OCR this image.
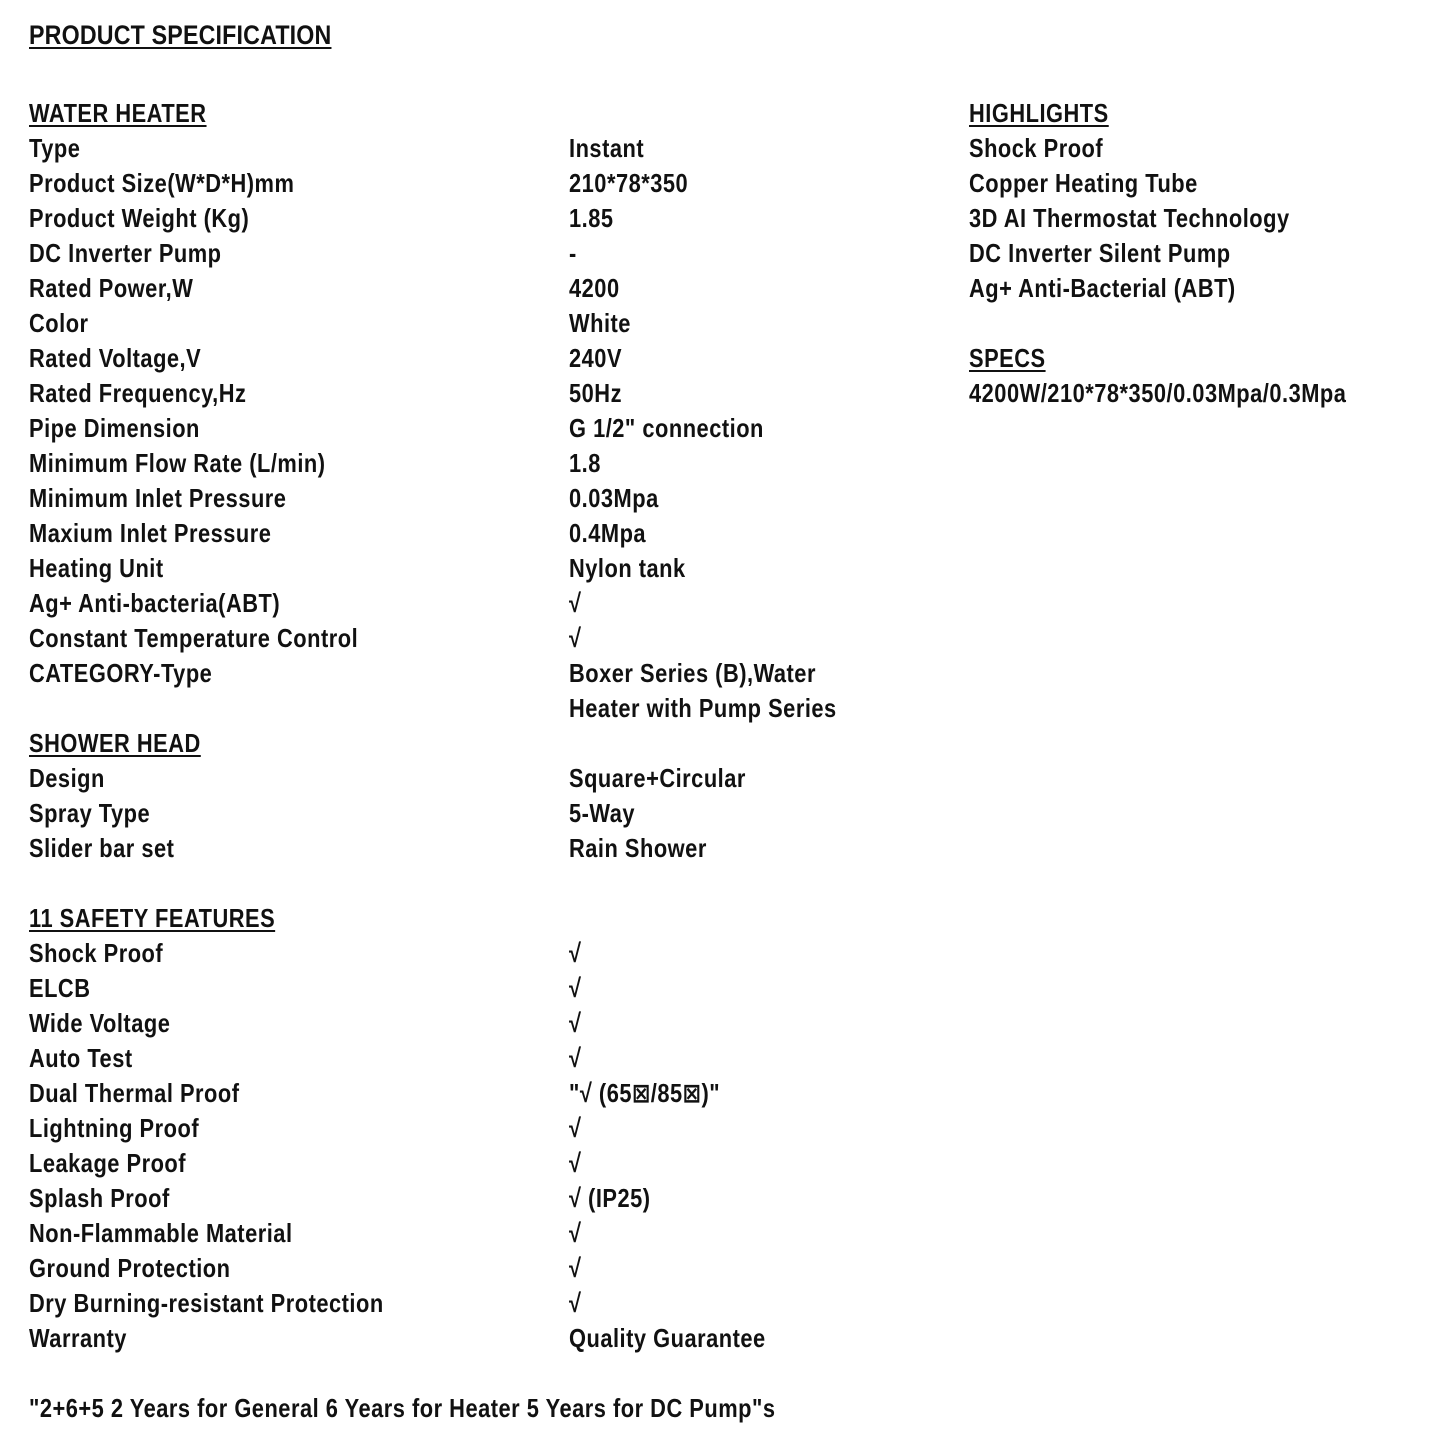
PRODUCT SPECIFICATION
WATER HEATER
Type	Instant
Product Size(W*D*H)mm	210*78*350
Product Weight (Kg)	1.85
DC Inverter Pump	-
Rated Power,W	4200
Color	White
Rated Voltage,V	240V
Rated Frequency,Hz	50Hz
Pipe Dimension	G 1/2" connection
Minimum Flow Rate (L/min)	1.8
Minimum Inlet Pressure	0.03Mpa
Maxium Inlet Pressure	0.4Mpa
Heating Unit	Nylon tank
Ag+ Anti-bacteria(ABT)	√
Constant Temperature Control	√
CATEGORY-Type	Boxer Series (B),Water
Heater with Pump Series
SHOWER HEAD
Design	Square+Circular
Spray Type	5-Way
Slider bar set	Rain Shower
11 SAFETY FEATURES
Shock Proof	√
ELCB	√
Wide Voltage	√
Auto Test	√
Dual Thermal Proof	"√ (65⊠/85⊠)"
Lightning Proof	√
Leakage Proof	√
Splash Proof	√ (IP25)
Non-Flammable Material	√
Ground Protection	√
Dry Burning-resistant Protection	√
Warranty	Quality Guarantee
"2+6+5 2 Years for General 6 Years for Heater 5 Years for DC Pump"s
HIGHLIGHTS
Shock Proof
Copper Heating Tube
3D AI Thermostat Technology
DC Inverter Silent Pump
Ag+ Anti-Bacterial (ABT)
SPECS
4200W/210*78*350/0.03Mpa/0.3Mpa
